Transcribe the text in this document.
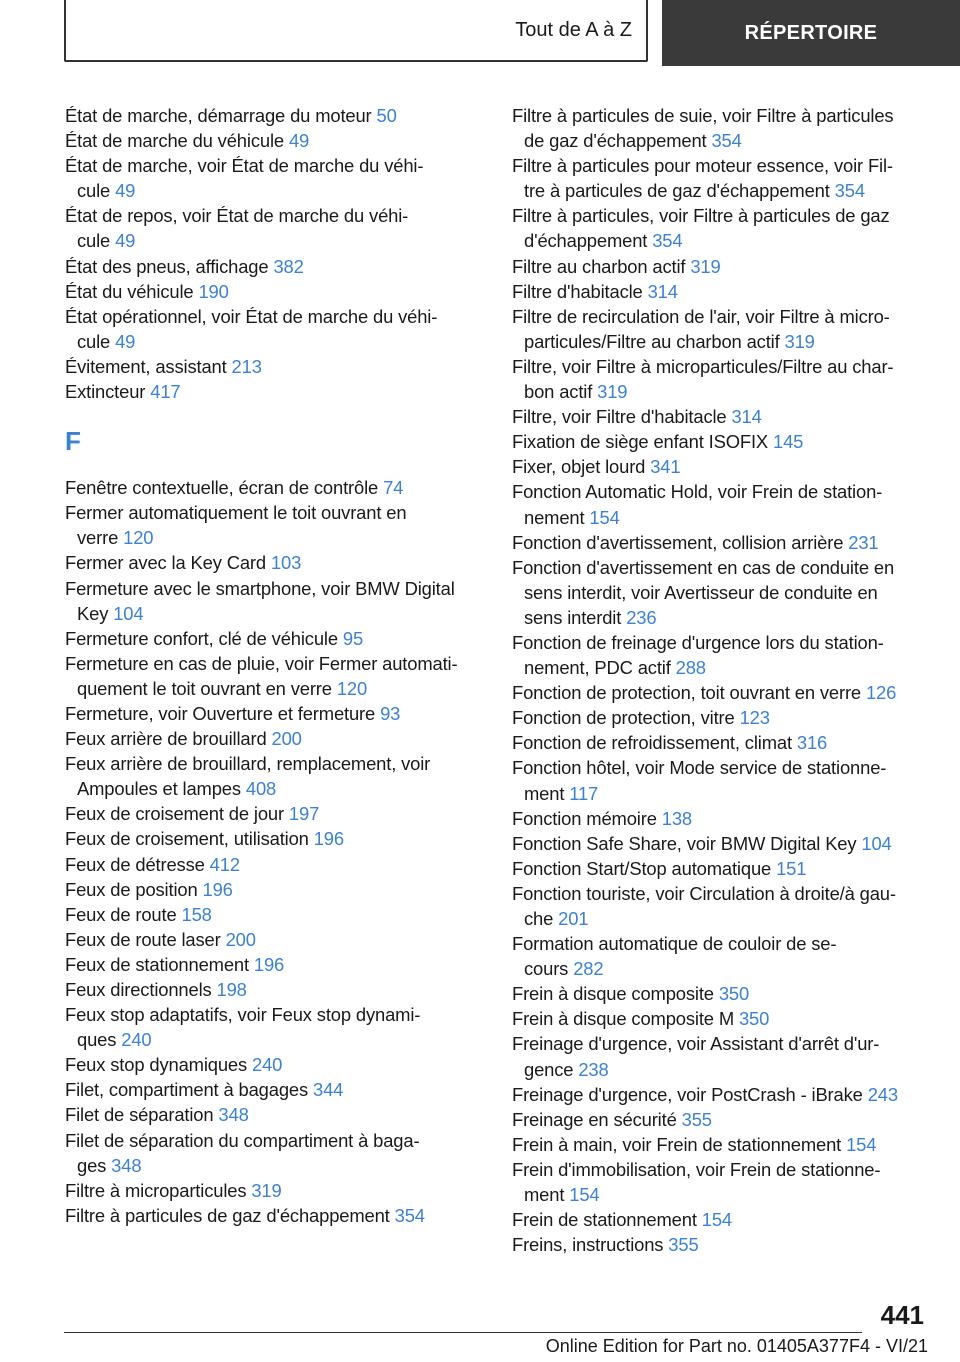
Tout de A à Z	RÉPERTOIRE
État de marche, démarrage du moteur 50
État de marche du véhicule 49
État de marche, voir État de marche du véhi-
cule 49
État de repos, voir État de marche du véhi-
cule 49
État des pneus, affichage 382
État du véhicule 190
État opérationnel, voir État de marche du véhi-
cule 49
Évitement, assistant 213
Extincteur 417
F
Fenêtre contextuelle, écran de contrôle 74
Fermer automatiquement le toit ouvrant en
verre 120
Fermer avec la Key Card 103
Fermeture avec le smartphone, voir BMW Digital
Key 104
Fermeture confort, clé de véhicule 95
Fermeture en cas de pluie, voir Fermer automati-
quement le toit ouvrant en verre 120
Fermeture, voir Ouverture et fermeture 93
Feux arrière de brouillard 200
Feux arrière de brouillard, remplacement, voir
Ampoules et lampes 408
Feux de croisement de jour 197
Feux de croisement, utilisation 196
Feux de détresse 412
Feux de position 196
Feux de route 158
Feux de route laser 200
Feux de stationnement 196
Feux directionnels 198
Feux stop adaptatifs, voir Feux stop dynami-
ques 240
Feux stop dynamiques 240
Filet, compartiment à bagages 344
Filet de séparation 348
Filet de séparation du compartiment à baga-
ges 348
Filtre à microparticules 319
Filtre à particules de gaz d'échappement 354
Filtre à particules de suie, voir Filtre à particules
de gaz d'échappement 354
Filtre à particules pour moteur essence, voir Fil-
tre à particules de gaz d'échappement 354
Filtre à particules, voir Filtre à particules de gaz
d'échappement 354
Filtre au charbon actif 319
Filtre d'habitacle 314
Filtre de recirculation de l'air, voir Filtre à micro-
particules/Filtre au charbon actif 319
Filtre, voir Filtre à microparticules/Filtre au char-
bon actif 319
Filtre, voir Filtre d'habitacle 314
Fixation de siège enfant ISOFIX 145
Fixer, objet lourd 341
Fonction Automatic Hold, voir Frein de station-
nement 154
Fonction d'avertissement, collision arrière 231
Fonction d'avertissement en cas de conduite en
sens interdit, voir Avertisseur de conduite en
sens interdit 236
Fonction de freinage d'urgence lors du station-
nement, PDC actif 288
Fonction de protection, toit ouvrant en verre 126
Fonction de protection, vitre 123
Fonction de refroidissement, climat 316
Fonction hôtel, voir Mode service de stationne-
ment 117
Fonction mémoire 138
Fonction Safe Share, voir BMW Digital Key 104
Fonction Start/Stop automatique 151
Fonction touriste, voir Circulation à droite/à gau-
che 201
Formation automatique de couloir de se-
cours 282
Frein à disque composite 350
Frein à disque composite M 350
Freinage d'urgence, voir Assistant d'arrêt d'ur-
gence 238
Freinage d'urgence, voir PostCrash - iBrake 243
Freinage en sécurité 355
Frein à main, voir Frein de stationnement 154
Frein d'immobilisation, voir Frein de stationne-
ment 154
Frein de stationnement 154
Freins, instructions 355
441
Online Edition for Part no. 01405A377F4 - VI/21
